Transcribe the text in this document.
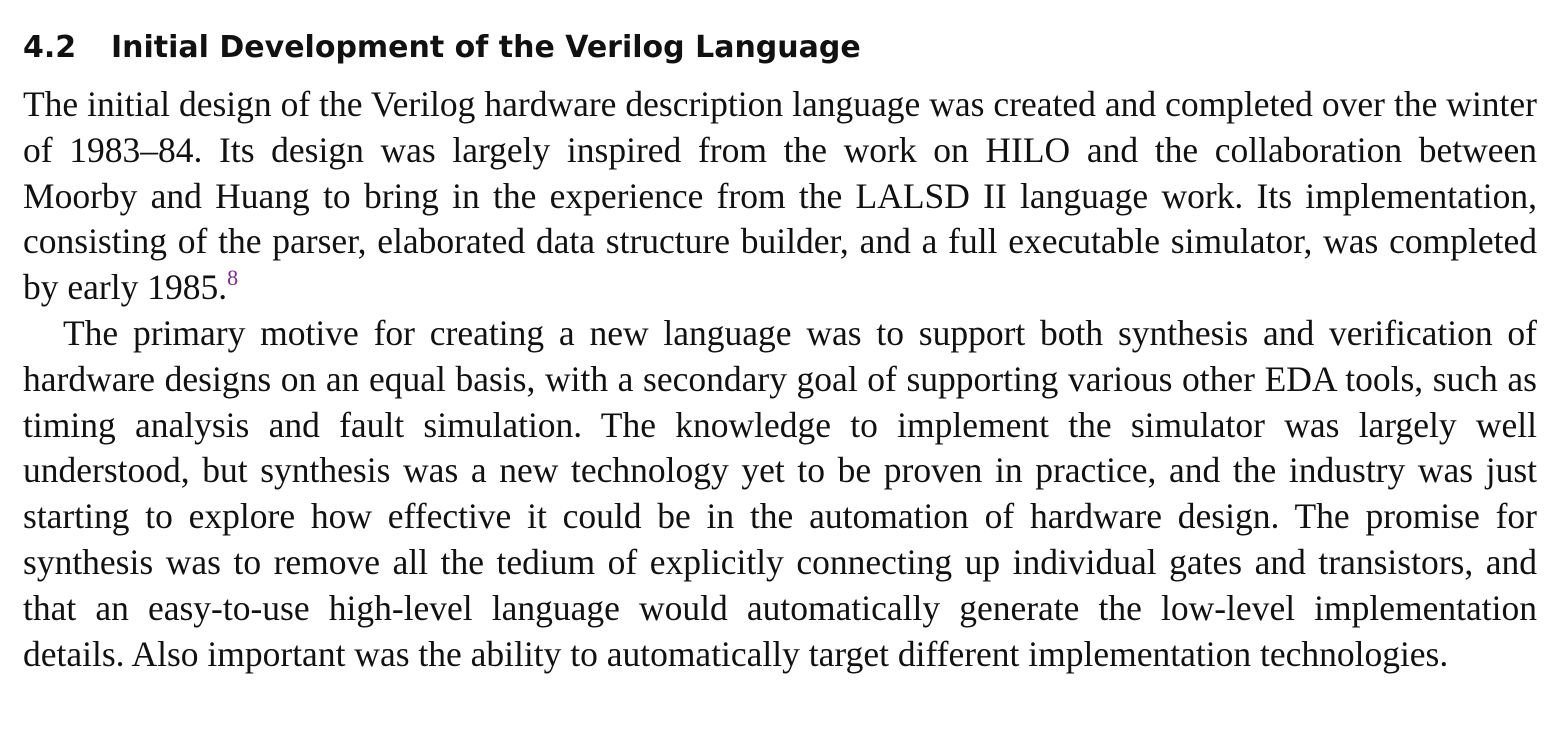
4.2 Initial Development of the Verilog Language

The initial design of the Verilog hardware description language was created and completed over the winter of 1983–84. Its design was largely inspired from the work on HILO and the collaboration between Moorby and Huang to bring in the experience from the LALSD II language work. Its implementation, consisting of the parser, elaborated data structure builder, and a full executable simulator, was completed by early 1985.$^8$

The primary motive for creating a new language was to support both synthesis and verification of hardware designs on an equal basis, with a secondary goal of supporting various other EDA tools, such as timing analysis and fault simulation. The knowledge to implement the simulator was largely well understood, but synthesis was a new technology yet to be proven in practice, and the industry was just starting to explore how effective it could be in the automation of hardware design. The promise for synthesis was to remove all the tedium of explicitly connecting up individual gates and transistors, and that an easy-to-use high-level language would automatically generate the low-level implementation details. Also important was the ability to automatically target different implementation technologies.
